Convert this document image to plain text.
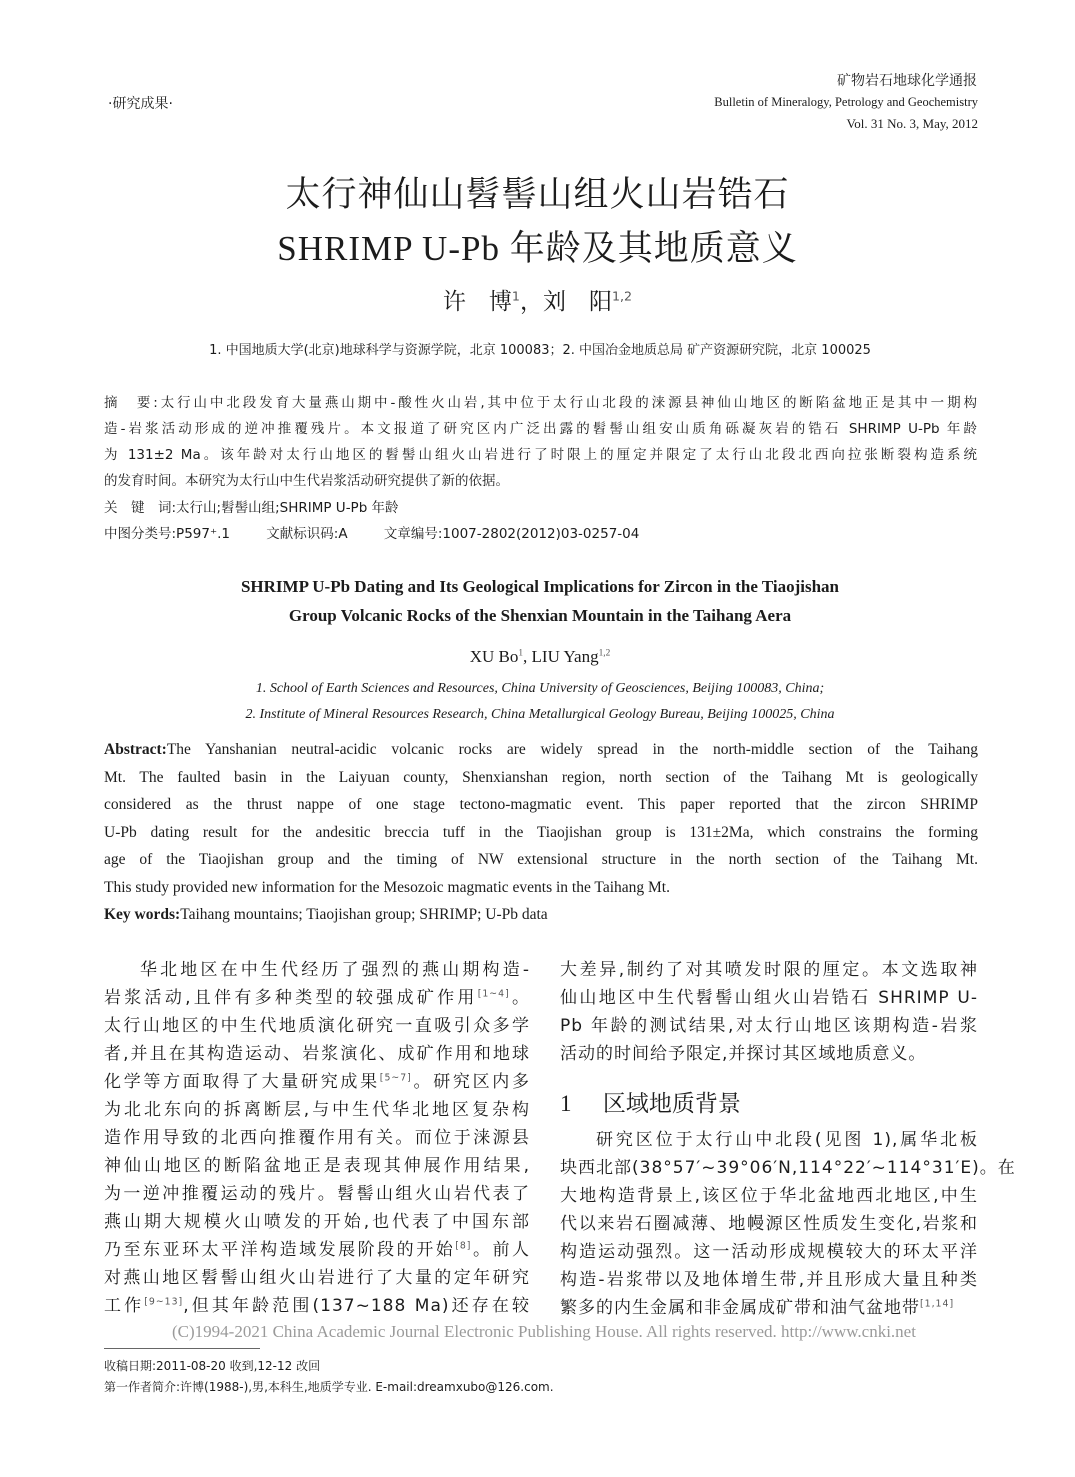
·研究成果·
矿物岩石地球化学通报
Bulletin of Mineralogy, Petrology and Geochemistry
Vol. 31 No. 3, May, 2012
太行神仙山髫髻山组火山岩锆石
SHRIMP U-Pb 年龄及其地质意义
许　博$^1$，刘　阳$^{1,2}$
1. 中国地质大学(北京)地球科学与资源学院，北京 100083；2. 中国冶金地质总局 矿产资源研究院，北京 100025
摘　要:太行山中北段发育大量燕山期中-酸性火山岩,其中位于太行山北段的涞源县神仙山地区的断陷盆地正是其中一期构
造-岩浆活动形成的逆冲推覆残片。本文报道了研究区内广泛出露的髫髻山组安山质角砾凝灰岩的锆石 SHRIMP U-Pb 年龄
为 131±2 Ma。该年龄对太行山地区的髫髻山组火山岩进行了时限上的厘定并限定了太行山北段北西向拉张断裂构造系统
的发育时间。本研究为太行山中生代岩浆活动研究提供了新的依据。
关　键　词:太行山;髫髻山组;SHRIMP U-Pb 年龄
中图分类号:P597⁺.1	文献标识码:A	文章编号:1007-2802(2012)03-0257-04
SHRIMP U-Pb Dating and Its Geological Implications for Zircon in the Tiaojishan
Group Volcanic Rocks of the Shenxian Mountain in the Taihang Aera
XU Bo$^1$, LIU Yang$^{1,2}$
1. School of Earth Sciences and Resources, China University of Geosciences, Beijing 100083, China;
2. Institute of Mineral Resources Research, China Metallurgical Geology Bureau, Beijing 100025, China
Abstract:The Yanshanian neutral-acidic volcanic rocks are widely spread in the north-middle section of the Taihang
Mt. The faulted basin in the Laiyuan county, Shenxianshan region, north section of the Taihang Mt is geologically
considered as the thrust nappe of one stage tectono-magmatic event. This paper reported that the zircon SHRIMP
U-Pb dating result for the andesitic breccia tuff in the Tiaojishan group is 131±2Ma, which constrains the forming
age of the Tiaojishan group and the timing of NW extensional structure in the north section of the Taihang Mt.
This study provided new information for the Mesozoic magmatic events in the Taihang Mt.
Key words:Taihang mountains; Tiaojishan group; SHRIMP; U-Pb data
华北地区在中生代经历了强烈的燕山期构造-
岩浆活动,且伴有多种类型的较强成矿作用[1~4]。
太行山地区的中生代地质演化研究一直吸引众多学
者,并且在其构造运动、岩浆演化、成矿作用和地球
化学等方面取得了大量研究成果[5~7]。研究区内多
为北北东向的拆离断层,与中生代华北地区复杂构
造作用导致的北西向推覆作用有关。而位于涞源县
神仙山地区的断陷盆地正是表现其伸展作用结果,
为一逆冲推覆运动的残片。髫髻山组火山岩代表了
燕山期大规模火山喷发的开始,也代表了中国东部
乃至东亚环太平洋构造域发展阶段的开始[8]。前人
对燕山地区髫髻山组火山岩进行了大量的定年研究
工作[9~13],但其年龄范围(137~188 Ma)还存在较
大差异,制约了对其喷发时限的厘定。本文选取神
仙山地区中生代髫髻山组火山岩锆石 SHRIMP U-
Pb 年龄的测试结果,对太行山地区该期构造-岩浆
活动的时间给予限定,并探讨其区域地质意义。
研究区位于太行山中北段(见图 1),属华北板
块西北部(38°57′~39°06′N,114°22′~114°31′E)。在
大地构造背景上,该区位于华北盆地西北地区,中生
代以来岩石圈减薄、地幔源区性质发生变化,岩浆和
构造运动强烈。这一活动形成规模较大的环太平洋
构造-岩浆带以及地体增生带,并且形成大量且种类
繁多的内生金属和非金属成矿带和油气盆地带[1,14]
1 区域地质背景
(C)1994-2021 China Academic Journal Electronic Publishing House. All rights reserved. http://www.cnki.net
收稿日期:2011-08-20 收到,12-12 改回
第一作者简介:许博(1988-),男,本科生,地质学专业. E-mail:dreamxubo@126.com.
